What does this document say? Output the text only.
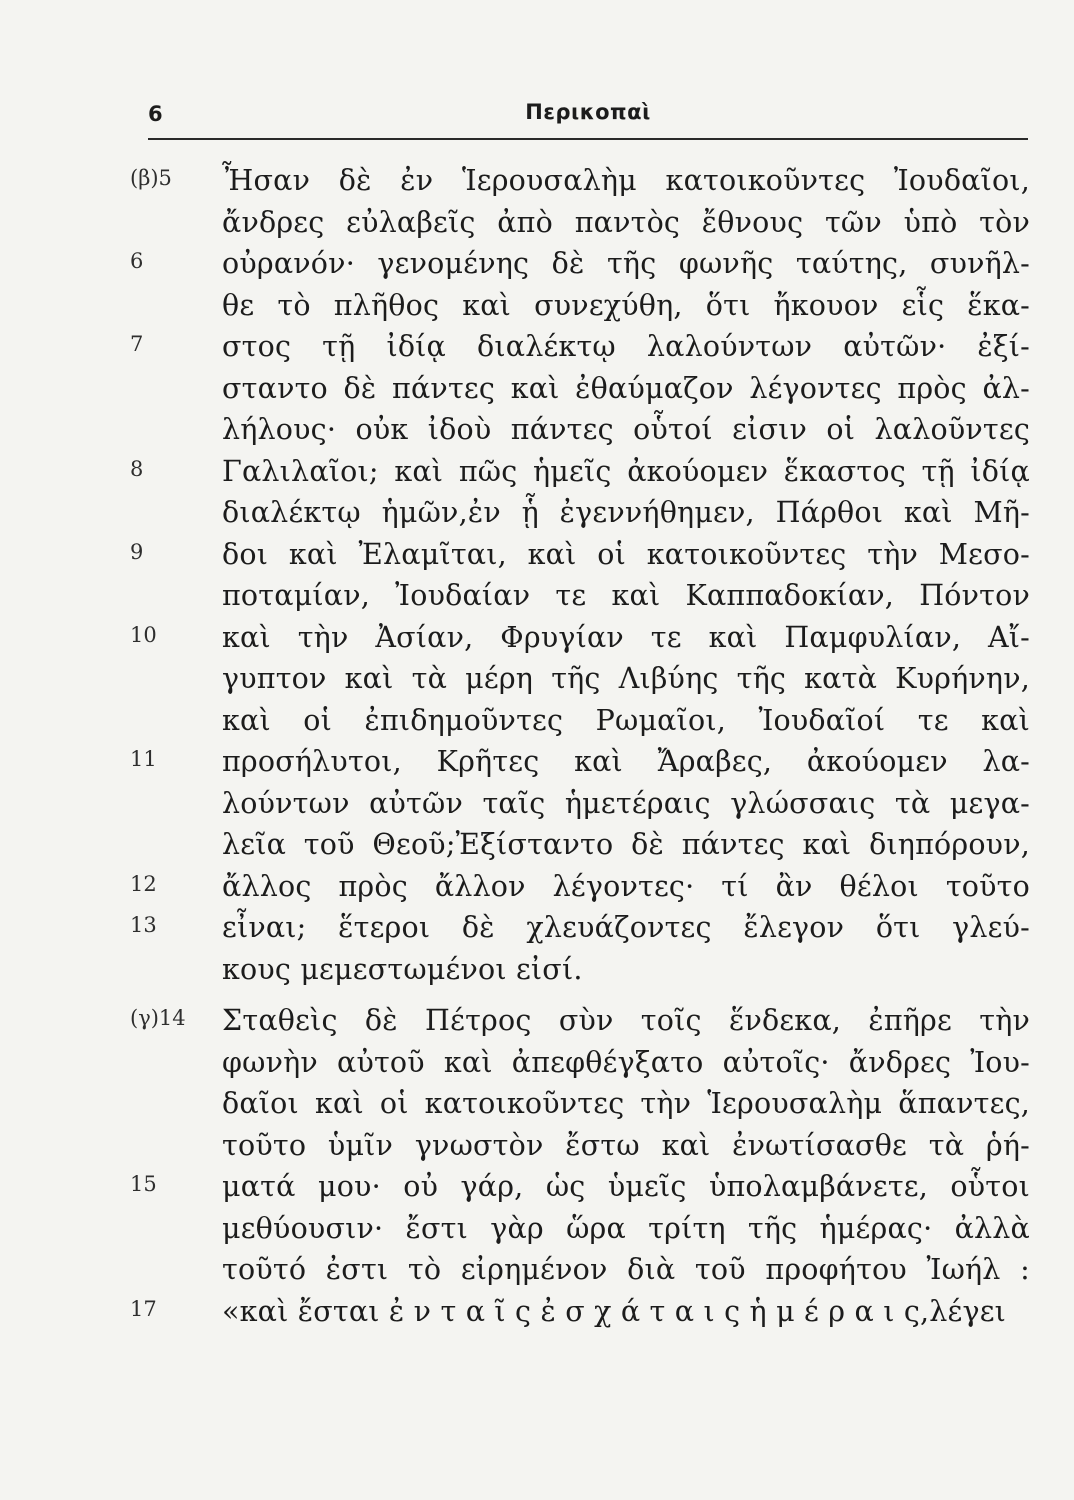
6	Περικοπαὶ
(β)5	Ἦσαν δὲ ἐν Ἱερουσαλὴμ κατοικοῦντες Ἰουδαῖοι,
ἄνδρες εὐλαβεῖς ἀπὸ παντὸς ἔθνους τῶν ὑπὸ τὸν
6	οὐρανόν· γενομένης δὲ τῆς φωνῆς ταύτης, συνῆλ-
θε τὸ πλῆθος καὶ συνεχύθη, ὅτι ἤκουον εἷς ἕκα-
7	στος τῇ ἰδίᾳ διαλέκτῳ λαλούντων αὐτῶν· ἐξί-
σταντο δὲ πάντες καὶ ἐθαύμαζον λέγοντες πρὸς ἀλ-
λήλους· οὐκ ἰδοὺ πάντες οὗτοί εἰσιν οἱ λαλοῦντες
8	Γαλιλαῖοι; καὶ πῶς ἡμεῖς ἀκούομεν ἕκαστος τῇ ἰδίᾳ
διαλέκτῳ ἡμῶν,ἐν ᾗ ἐγεννήθημεν, Πάρθοι καὶ Μῆ-
9	δοι καὶ Ἐλαμῖται, καὶ οἱ κατοικοῦντες τὴν Μεσο-
ποταμίαν, Ἰουδαίαν τε καὶ Καππαδοκίαν, Πόντον
10	καὶ τὴν Ἀσίαν, Φρυγίαν τε καὶ Παμφυλίαν, Αἴ-
γυπτον καὶ τὰ μέρη τῆς Λιβύης τῆς κατὰ Κυρήνην,
καὶ οἱ ἐπιδημοῦντες Ρωμαῖοι, Ἰουδαῖοί τε καὶ
11	προσήλυτοι, Κρῆτες καὶ Ἄραβες, ἀκούομεν λα-
λούντων αὐτῶν ταῖς ἡμετέραις γλώσσαις τὰ μεγα-
λεῖα τοῦ Θεοῦ;Ἐξίσταντο δὲ πάντες καὶ διηπόρουν,
12	ἄλλος πρὸς ἄλλον λέγοντες· τί ἂν θέλοι τοῦτο
13	εἶναι; ἕτεροι δὲ χλευάζοντες ἔλεγον ὅτι γλεύ-
κους μεμεστωμένοι εἰσί.
(γ)14	Σταθεὶς δὲ Πέτρος σὺν τοῖς ἕνδεκα, ἐπῆρε τὴν
φωνὴν αὐτοῦ καὶ ἀπεφθέγξατο αὐτοῖς· ἄνδρες Ἰου-
δαῖοι καὶ οἱ κατοικοῦντες τὴν Ἱερουσαλὴμ ἅπαντες,
τοῦτο ὑμῖν γνωστὸν ἔστω καὶ ἐνωτίσασθε τὰ ῥή-
15	ματά μου· οὐ γάρ, ὡς ὑμεῖς ὑπολαμβάνετε, οὗτοι
μεθύουσιν· ἔστι γὰρ ὥρα τρίτη τῆς ἡμέρας· ἀλλὰ
τοῦτό ἐστι τὸ εἰρημένον διὰ τοῦ προφήτου Ἰωήλ :
17	«καὶ ἔσται ἐ ν τ α ῖ ς ἐ σ χ ά τ α ι ς ἡ μ έ ρ α ι ς,λέγει
